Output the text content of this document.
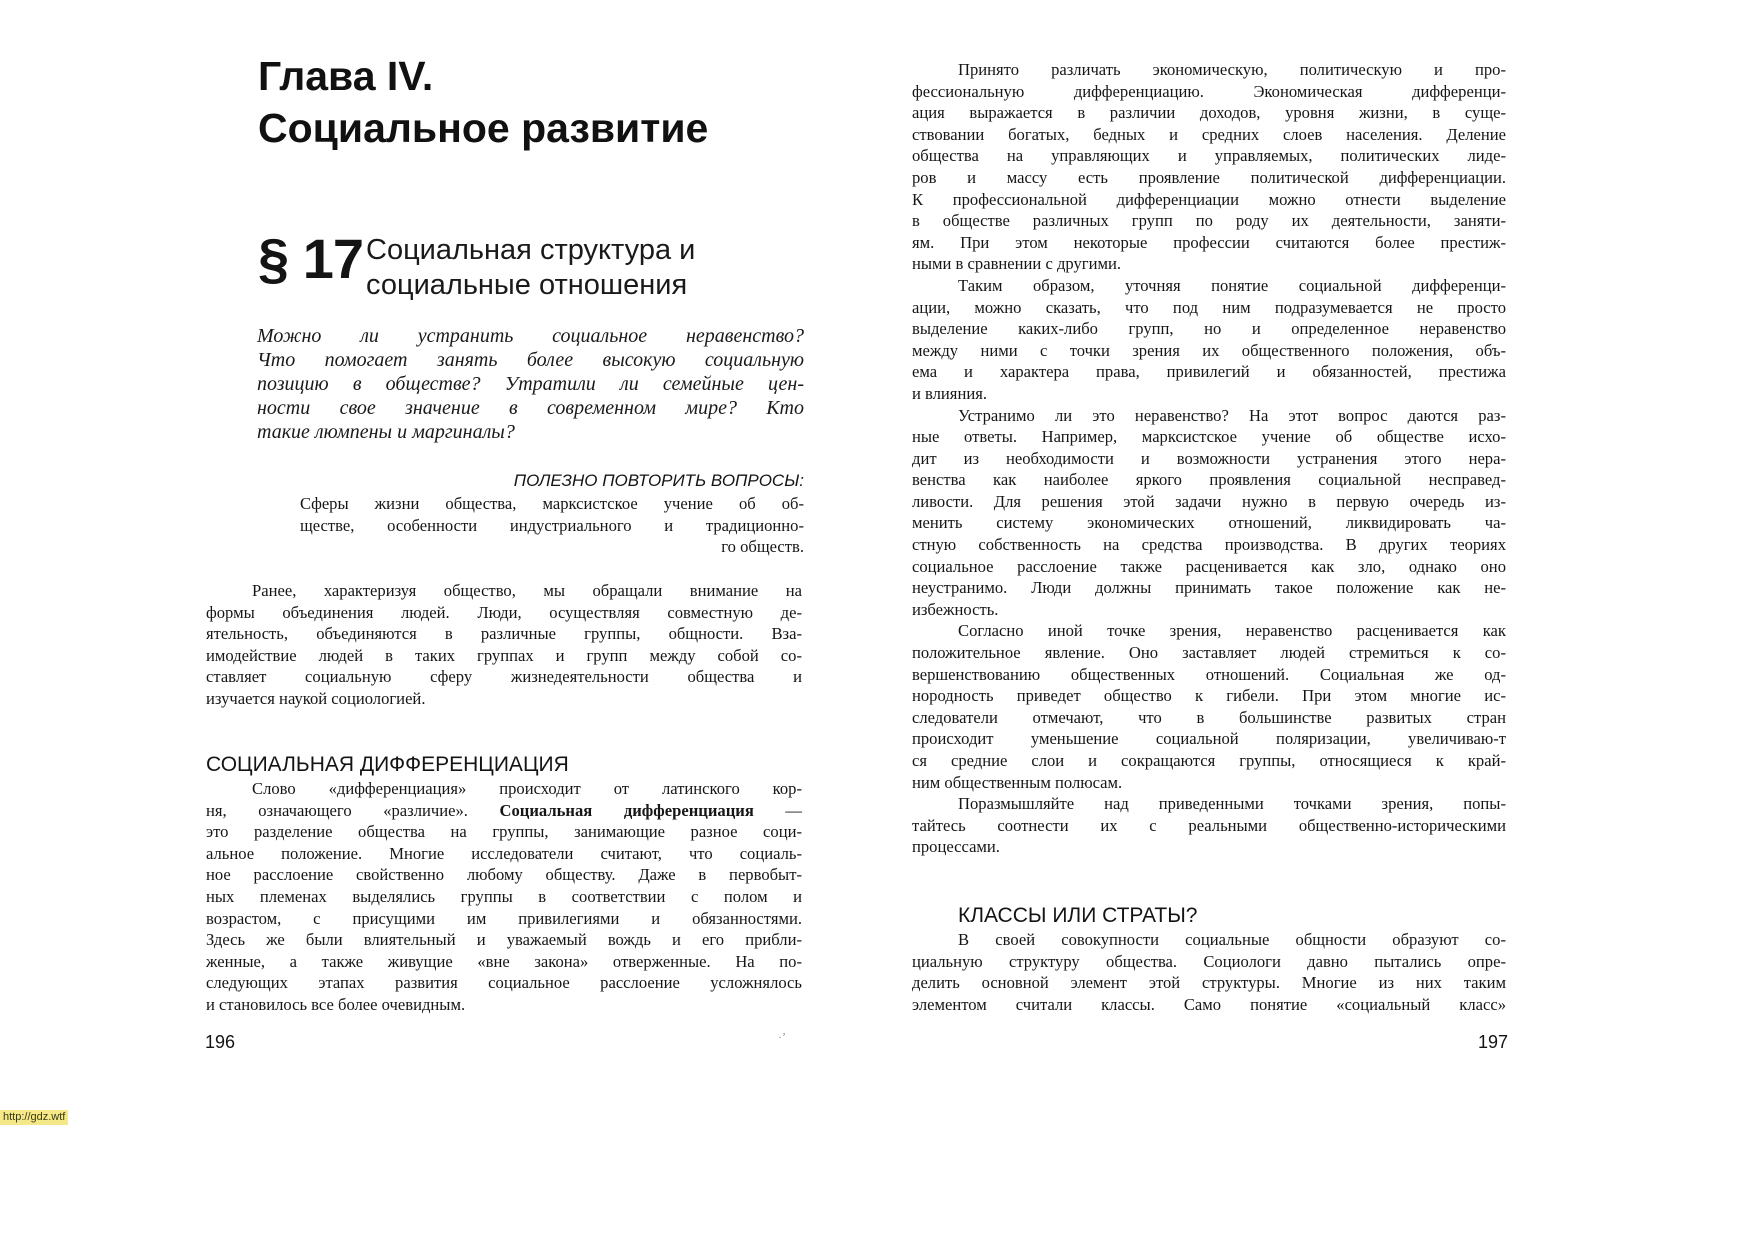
Глава IV.
Социальное развитие
§ 17 Социальная структура и
социальные отношения
Можно ли устранить социальное неравенство?
Что помогает занять более высокую социальную
позицию в обществе? Утратили ли семейные цен-
ности свое значение в современном мире? Кто
такие люмпены и маргиналы?
ПОЛЕЗНО ПОВТОРИТЬ ВОПРОСЫ:
Сферы жизни общества, марксистское учение об об-
ществе, особенности индустриального и традиционно-
го обществ.
Ранее, характеризуя общество, мы обращали внимание на
формы объединения людей. Люди, осуществляя совместную де-
ятельность, объединяются в различные группы, общности. Вза-
имодействие людей в таких группах и групп между собой со-
ставляет социальную сферу жизнедеятельности общества и
изучается наукой социологией.
СОЦИАЛЬНАЯ ДИФФЕРЕНЦИАЦИЯ
Слово «дифференциация» происходит от латинского кор-
ня, означающего «различие». Социальная дифференциация —
это разделение общества на группы, занимающие разное соци-
альное положение. Многие исследователи считают, что социаль-
ное расслоение свойственно любому обществу. Даже в первобыт-
ных племенах выделялись группы в соответствии с полом и
возрастом, с присущими им привилегиями и обязанностями.
Здесь же были влиятельный и уважаемый вождь и его прибли-
женные, а также живущие «вне закона» отверженные. На по-
следующих этапах развития социальное расслоение усложнялось
и становилось все более очевидным.
196
Принято различать экономическую, политическую и про-
фессиональную дифференциацию. Экономическая дифференци-
ация выражается в различии доходов, уровня жизни, в суще-
ствовании богатых, бедных и средних слоев населения. Деление
общества на управляющих и управляемых, политических лиде-
ров и массу есть проявление политической дифференциации.
К профессиональной дифференциации можно отнести выделение
в обществе различных групп по роду их деятельности, заняти-
ям. При этом некоторые профессии считаются более престиж-
ными в сравнении с другими.
Таким образом, уточняя понятие социальной дифференци-
ации, можно сказать, что под ним подразумевается не просто
выделение каких-либо групп, но и определенное неравенство
между ними с точки зрения их общественного положения, объ-
ема и характера права, привилегий и обязанностей, престижа
и влияния.
Устранимо ли это неравенство? На этот вопрос даются раз-
ные ответы. Например, марксистское учение об обществе исхо-
дит из необходимости и возможности устранения этого нера-
венства как наиболее яркого проявления социальной несправед-
ливости. Для решения этой задачи нужно в первую очередь из-
менить систему экономических отношений, ликвидировать ча-
стную собственность на средства производства. В других теориях
социальное расслоение также расценивается как зло, однако оно
неустранимо. Люди должны принимать такое положение как не-
избежность.
Согласно иной точке зрения, неравенство расценивается как
положительное явление. Оно заставляет людей стремиться к со-
вершенствованию общественных отношений. Социальная же од-
нородность приведет общество к гибели. При этом многие ис-
следователи отмечают, что в большинстве развитых стран
происходит уменьшение социальной поляризации, увеличиваю-т
ся средние слои и сокращаются группы, относящиеся к край-
ним общественным полюсам.
Поразмышляйте над приведенными точками зрения, попы-
тайтесь соотнести их с реальными общественно-историческими
процессами.
КЛАССЫ ИЛИ СТРАТЫ?
В своей совокупности социальные общности образуют со-
циальную структуру общества. Социологи давно пытались опре-
делить основной элемент этой структуры. Многие из них таким
элементом считали классы. Само понятие «социальный класс»
197
·ʼ
http://gdz.wtf
